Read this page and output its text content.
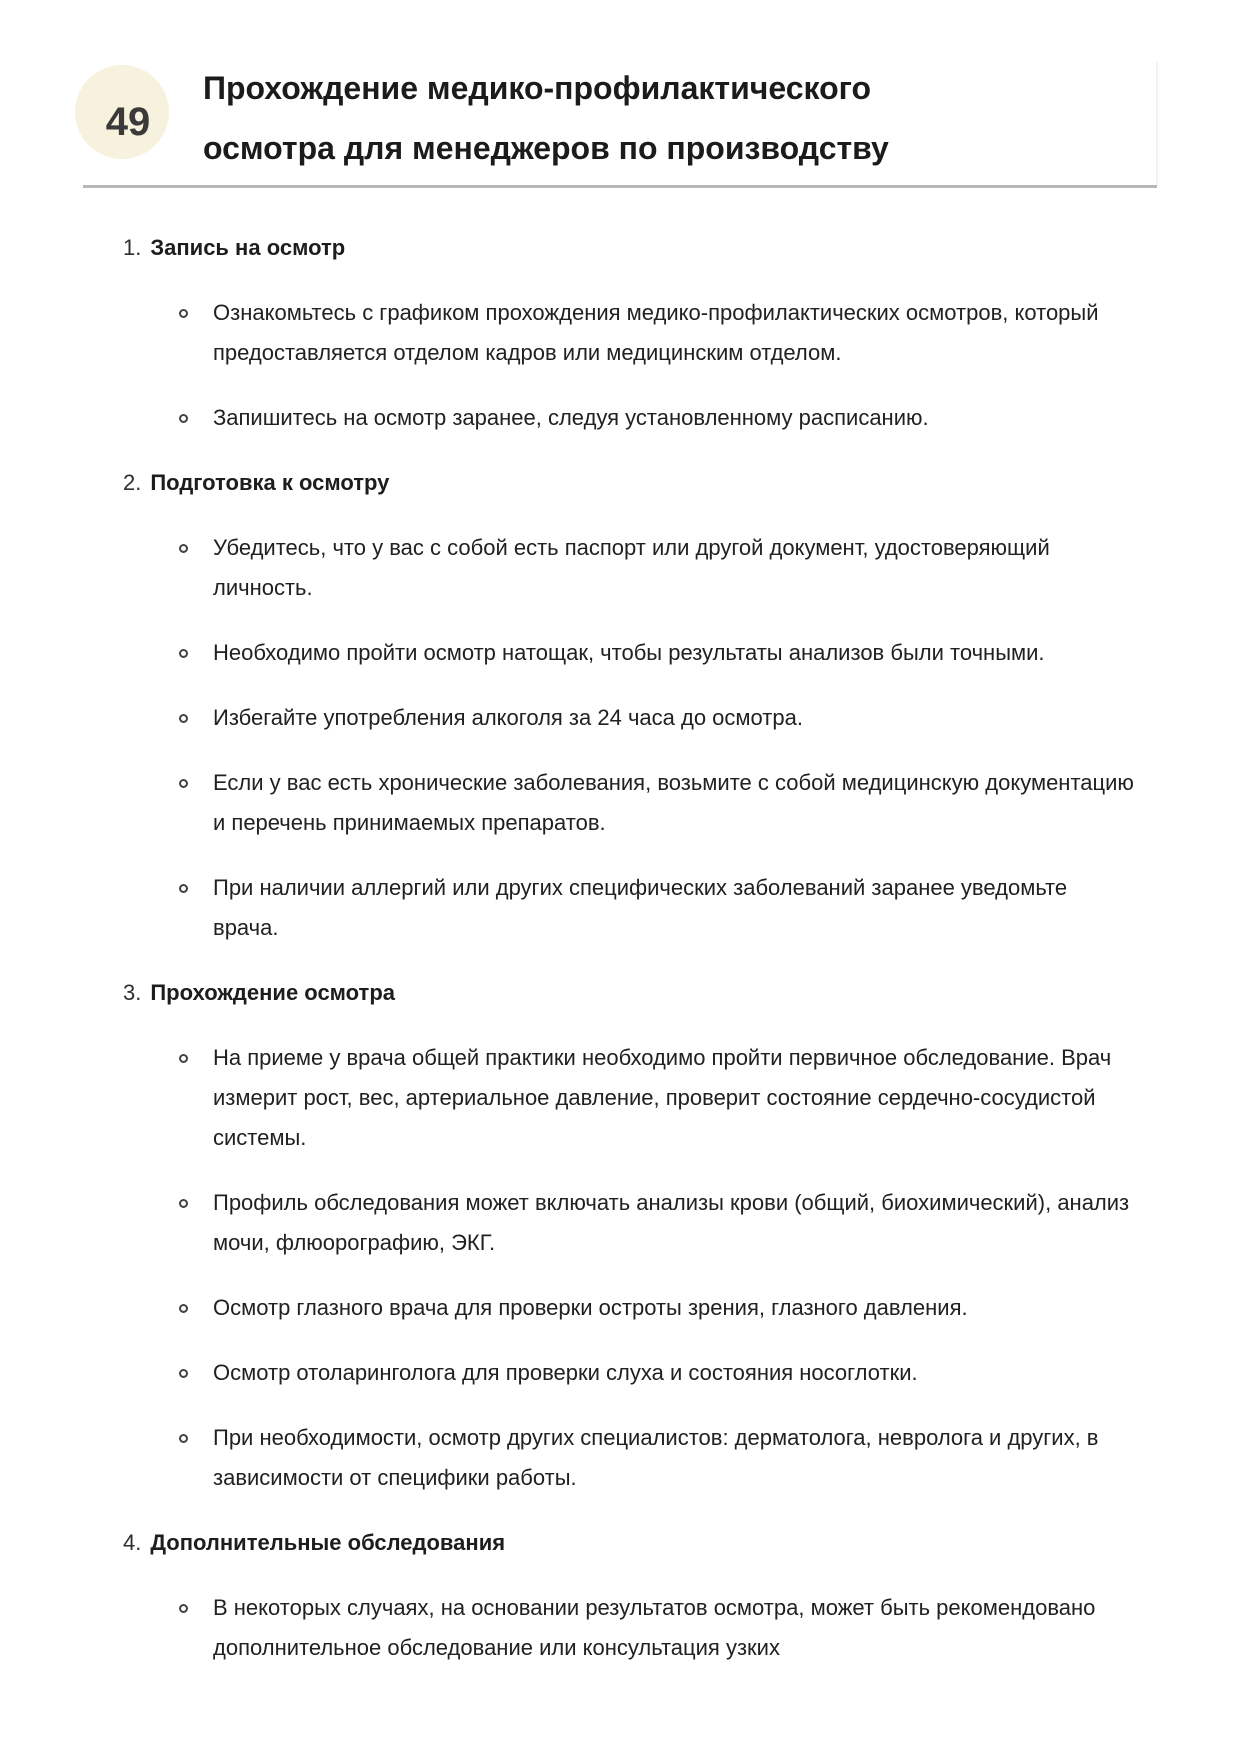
49
Прохождение медико-профилактического
осмотра для менеджеров по производству
1. Запись на осмотр
Ознакомьтесь с графиком прохождения медико-профилактических осмотров, который предоставляется отделом кадров или медицинским отделом.
Запишитесь на осмотр заранее, следуя установленному расписанию.
2. Подготовка к осмотру
Убедитесь, что у вас с собой есть паспорт или другой документ, удостоверяющий личность.
Необходимо пройти осмотр натощак, чтобы результаты анализов были точными.
Избегайте употребления алкоголя за 24 часа до осмотра.
Если у вас есть хронические заболевания, возьмите с собой медицинскую документацию и перечень принимаемых препаратов.
При наличии аллергий или других специфических заболеваний заранее уведомьте врача.
3. Прохождение осмотра
На приеме у врача общей практики необходимо пройти первичное обследование. Врач измерит рост, вес, артериальное давление, проверит состояние сердечно-сосудистой системы.
Профиль обследования может включать анализы крови (общий, биохимический), анализ мочи, флюорографию, ЭКГ.
Осмотр глазного врача для проверки остроты зрения, глазного давления.
Осмотр отоларинголога для проверки слуха и состояния носоглотки.
При необходимости, осмотр других специалистов: дерматолога, невролога и других, в зависимости от специфики работы.
4. Дополнительные обследования
В некоторых случаях, на основании результатов осмотра, может быть рекомендовано дополнительное обследование или консультация узких
